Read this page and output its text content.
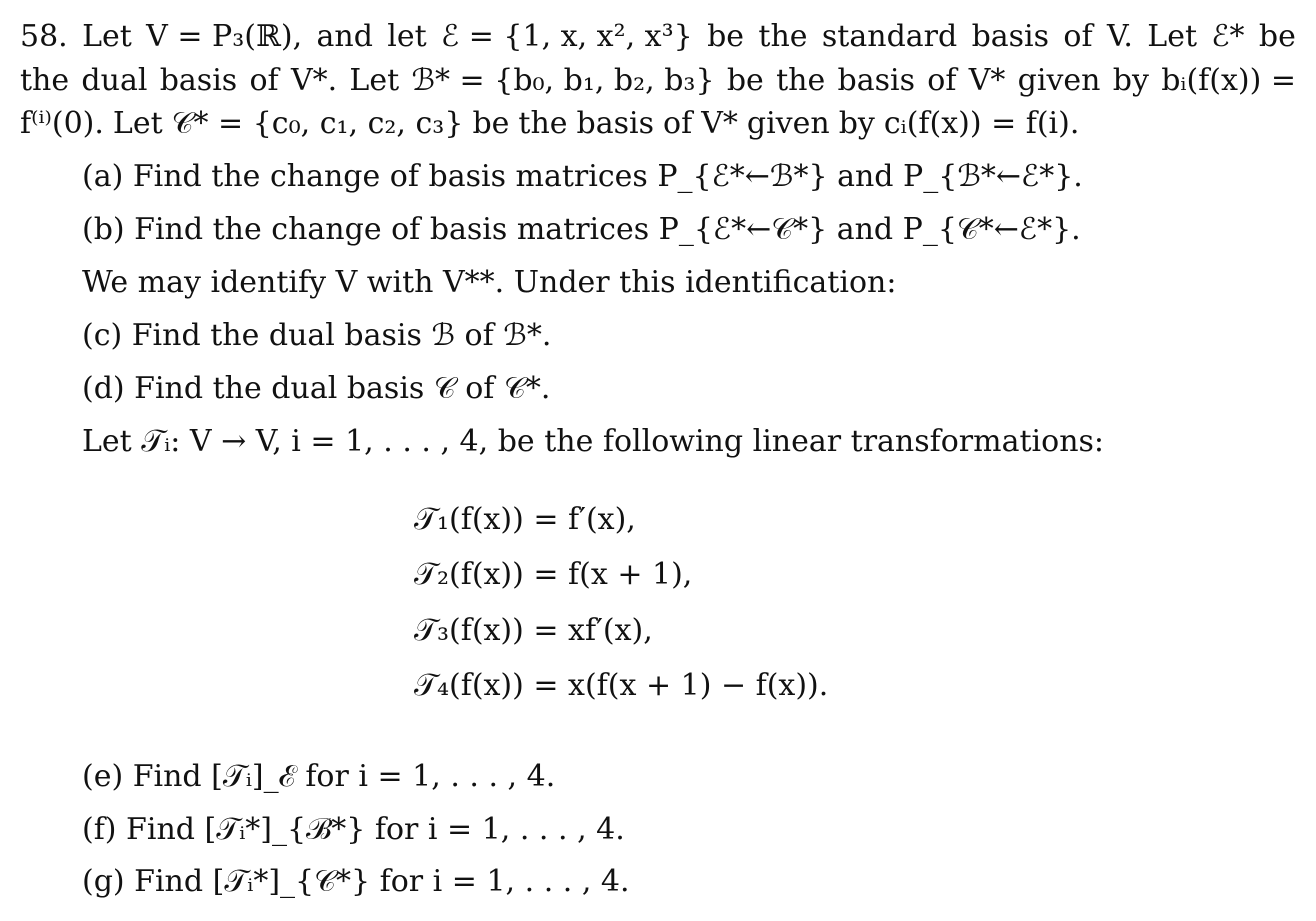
58. Let V = P₃(ℝ), and let ℰ = {1, x, x², x³} be the standard basis of V. Let ℰ* be
the dual basis of V*. Let ℬ* = {b₀, b₁, b₂, b₃} be the basis of V* given by bᵢ(f(x)) =
f⁽ⁱ⁾(0). Let 𝒞* = {c₀, c₁, c₂, c₃} be the basis of V* given by cᵢ(f(x)) = f(i).
(a) Find the change of basis matrices P_{ℰ*←ℬ*} and P_{ℬ*←ℰ*}.
(b) Find the change of basis matrices P_{ℰ*←𝒞*} and P_{𝒞*←ℰ*}.
We may identify V with V**. Under this identification:
(c) Find the dual basis ℬ of ℬ*.
(d) Find the dual basis 𝒞 of 𝒞*.
Let 𝒯ᵢ: V → V, i = 1, . . . , 4, be the following linear transformations:
𝒯₁(f(x)) = f′(x),
𝒯₂(f(x)) = f(x + 1),
𝒯₃(f(x)) = xf′(x),
𝒯₄(f(x)) = x(f(x + 1) − f(x)).
(e) Find [𝒯ᵢ]_ℰ for i = 1, . . . , 4.
(f) Find [𝒯ᵢ*]_{ℬ*} for i = 1, . . . , 4.
(g) Find [𝒯ᵢ*]_{𝒞*} for i = 1, . . . , 4.
